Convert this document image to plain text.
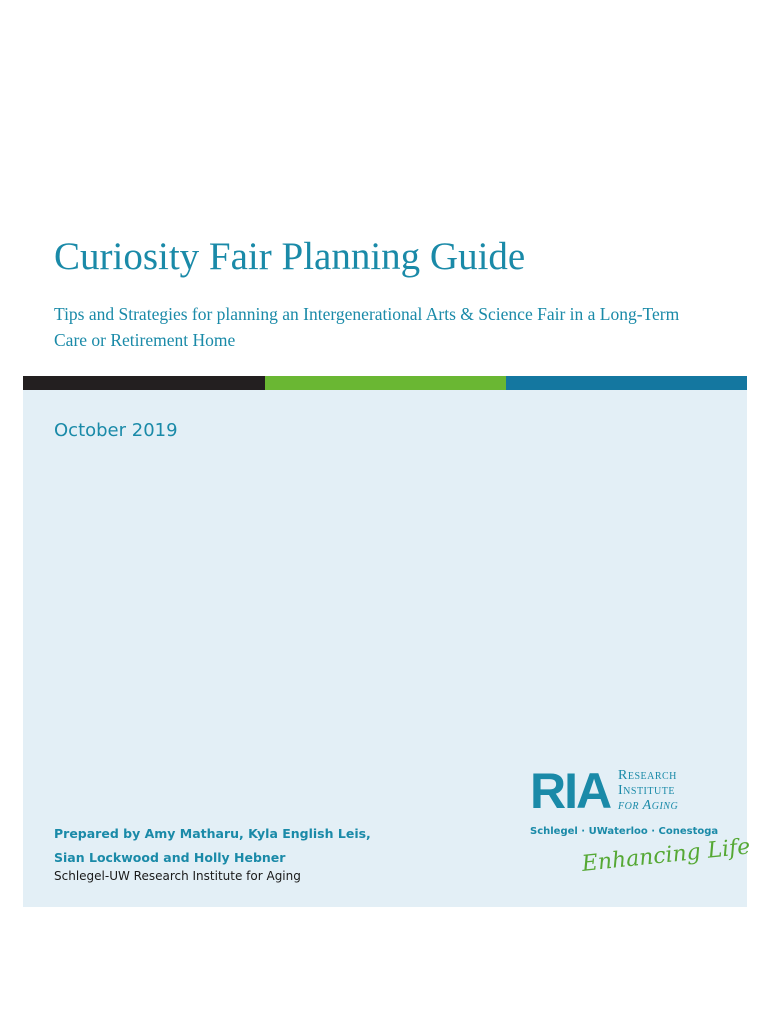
Curiosity Fair Planning Guide
Tips and Strategies for planning an Intergenerational Arts & Science Fair in a Long-Term Care or Retirement Home
October 2019
Prepared by Amy Matharu, Kyla English Leis,
Sian Lockwood and Holly Hebner
Schlegel-UW Research Institute for Aging
RIA Research
Institute
for Aging
Schlegel · UWaterloo · Conestoga
Enhancing Life
